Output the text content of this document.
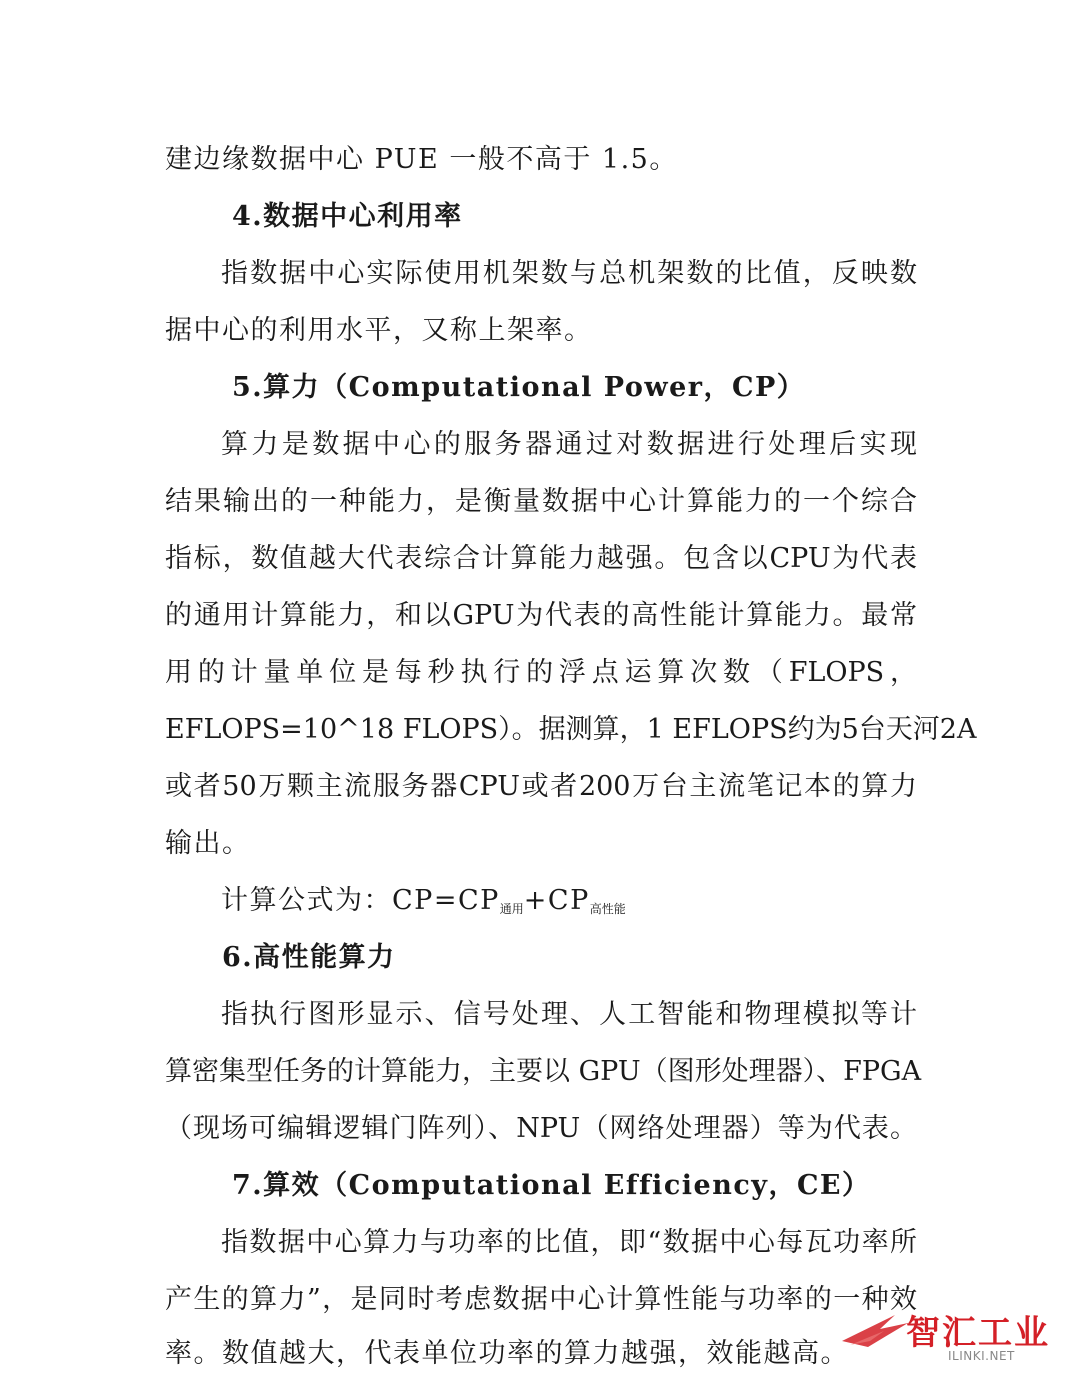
建边缘数据中心 PUE 一般不高于 1.5。
4.数据中心利用率
指数据中心实际使用机架数与总机架数的比值，反映数
据中心的利用水平，又称上架率。
5.算力（Computational Power，CP）
算力是数据中心的服务器通过对数据进行处理后实现
结果输出的一种能力，是衡量数据中心计算能力的一个综合
指标，数值越大代表综合计算能力越强。包含以CPU为代表
的通用计算能力，和以GPU为代表的高性能计算能力。最常
用的计量单位是每秒执行的浮点运算次数（FLOPS，
EFLOPS=10^18 FLOPS）。据测算，1 EFLOPS约为5台天河2A
或者50万颗主流服务器CPU或者200万台主流笔记本的算力
输出。
计算公式为：$CP=CP_{通用}+CP_{高性能}$
6.高性能算力
指执行图形显示、信号处理、人工智能和物理模拟等计
算密集型任务的计算能力，主要以 GPU（图形处理器）、FPGA
（现场可编辑逻辑门阵列）、NPU（网络处理器）等为代表。
7.算效（Computational Efficiency，CE）
指数据中心算力与功率的比值，即“数据中心每瓦功率所
产生的算力”，是同时考虑数据中心计算性能与功率的一种效
率。数值越大，代表单位功率的算力越强，效能越高。
智汇工业
ILINKI.NET
